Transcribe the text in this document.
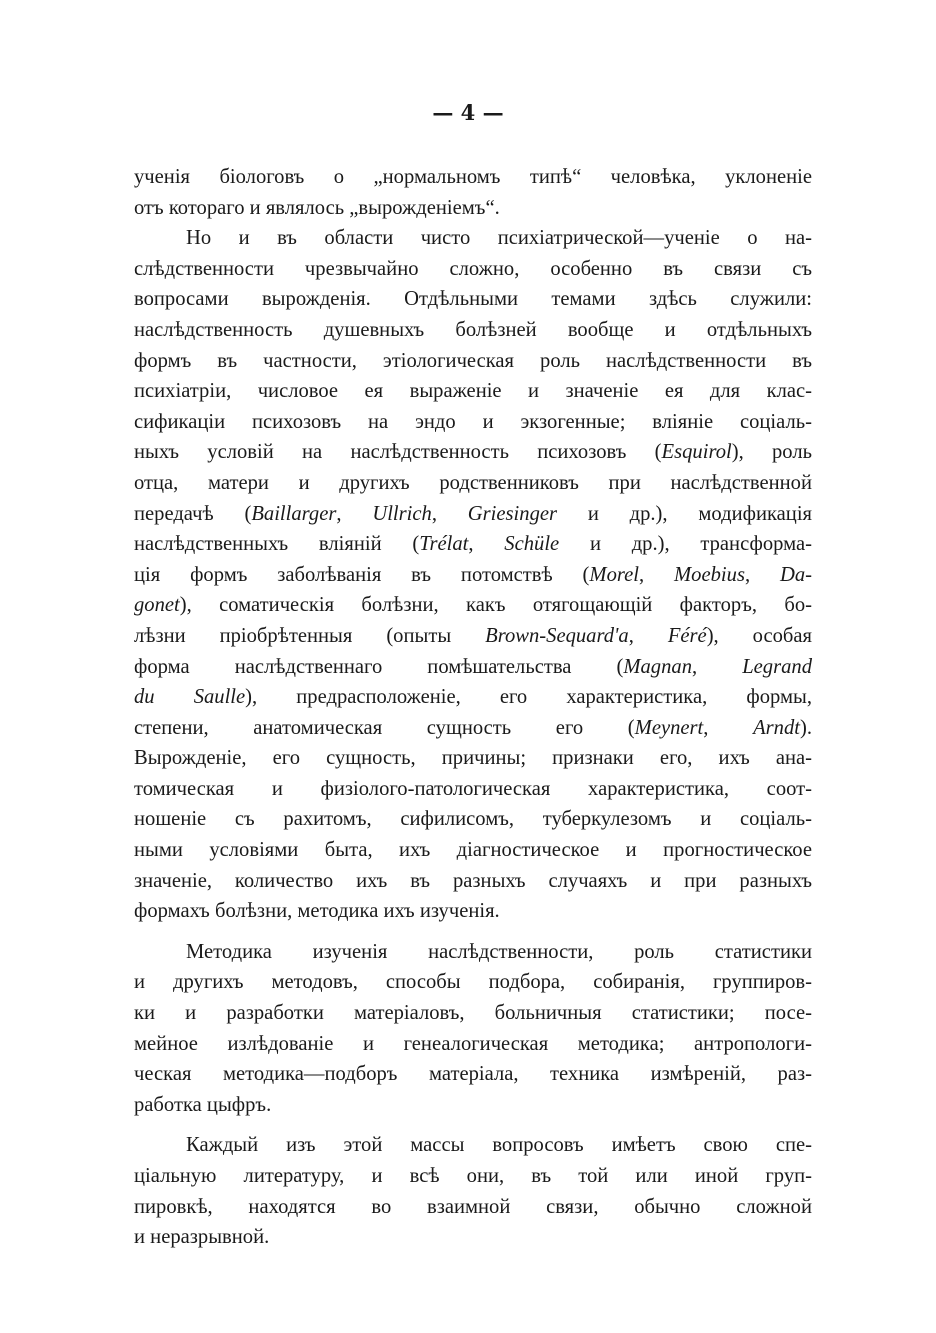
— 4 —
ученія біологовъ о „нормальномъ типѣ“ человѣка, уклоненіе
отъ котораго и являлось „вырожденіемъ“.
Но и въ области чисто психіатрической—ученіе о на-
слѣдственности чрезвычайно сложно, особенно въ связи съ
вопросами вырожденія. Отдѣльными темами здѣсь служили:
наслѣдственность душевныхъ болѣзней вообще и отдѣльныхъ
формъ въ частности, этіологическая роль наслѣдственности въ
психіатріи, числовое ея выраженіе и значеніе ея для клас-
сификаціи психозовъ на эндо и экзогенные; вліяніе соціаль-
ныхъ условій на наслѣдственность психозовъ (Esquirol), роль
отца, матери и другихъ родственниковъ при наслѣдственной
передачѣ (Baillarger, Ullrich, Griesinger и др.), модификація
наслѣдственныхъ вліяній (Trélat, Schüle и др.), трансформа-
ція формъ заболѣванія въ потомствѣ (Morel, Moebius, Da-
gonet), соматическія болѣзни, какъ отягощающій факторъ, бо-
лѣзни пріобрѣтенныя (опыты Brown-Sequard'a, Féré), особая
форма наслѣдственнаго помѣшательства (Magnan, Legrand
du Saulle), предрасположеніе, его характеристика, формы,
степени, анатомическая сущность его (Meynert, Arndt).
Вырожденіе, его сущность, причины; признаки его, ихъ ана-
томическая и физіолого-патологическая характеристика, соот-
ношеніе съ рахитомъ, сифилисомъ, туберкулезомъ и соціаль-
ными условіями быта, ихъ діагностическое и прогностическое
значеніе, количество ихъ въ разныхъ случаяхъ и при разныхъ
формахъ болѣзни, методика ихъ изученія.
Методика изученія наслѣдственности, роль статистики
и другихъ методовъ, способы подбора, собиранія, группиров-
ки и разработки матеріаловъ, больничныя статистики; посе-
мейное излѣдованіе и генеалогическая методика; антропологи-
ческая методика—подборъ матеріала, техника измѣреній, раз-
работка цыфръ.
Каждый изъ этой массы вопросовъ имѣетъ свою спе-
ціальную литературу, и всѣ они, въ той или иной груп-
пировкѣ, находятся во взаимной связи, обычно сложной
и неразрывной.
